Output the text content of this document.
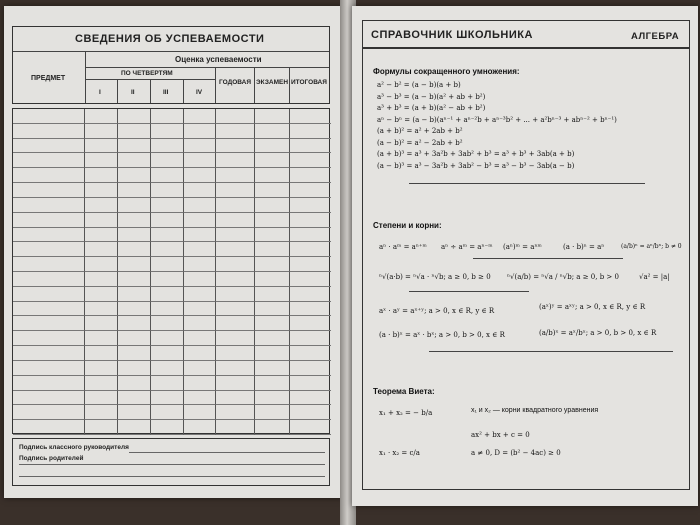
СВЕДЕНИЯ ОБ УСПЕВАЕМОСТИ
ПРЕДМЕТ
Оценка успеваемости
ПО ЧЕТВЕРТЯМ
I	II	III	IV
ГОДОВАЯ ЭКЗАМЕН ИТОГОВАЯ
Подпись классного руководителя
Подпись родителей
СПРАВОЧНИК ШКОЛЬНИКА	АЛГЕБРА
Формулы сокращенного умножения:
Степени и корни:
aⁿ · aᵐ = aⁿ⁺ᵐ aⁿ ÷ aᵐ = aⁿ⁻ᵐ (aⁿ)ᵐ = aⁿᵐ	(a · b)ⁿ = aⁿ	(a/b)ⁿ = aⁿ/bⁿ; b ≠ 0
ⁿ√(a·b) = ⁿ√a · ⁿ√b; a ≥ 0, b ≥ 0 ⁿ√(a/b) = ⁿ√a / ⁿ√b; a ≥ 0, b > 0	√a² = |a|
aˣ · aʸ = aˣ⁺ʸ; a > 0, x ∈ R, y ∈ R	(aˣ)ʸ = aˣʸ; a > 0, x ∈ R, y ∈ R
(a · b)ˣ = aˣ · bˣ; a > 0, b > 0, x ∈ R	(a/b)ˣ = aˣ/bˣ; a > 0, b > 0, x ∈ R
Теорема Виета:
x₁ + x₂ = − b/a	x₁ и x₂ — корни квадратного уравнения
ax² + bx + c = 0
x₁ · x₂ = c/a	a ≠ 0, D = (b² − 4ac) ≥ 0
a² − b² = (a − b)(a + b)
a³ − b³ = (a − b)(a² + ab + b²)
a³ + b³ = (a + b)(a² − ab + b²)
aⁿ − bⁿ = (a − b)(aⁿ⁻¹ + aⁿ⁻²b + aⁿ⁻³b² + ... + a²bⁿ⁻³ + abⁿ⁻² + bⁿ⁻¹)
(a + b)² = a² + 2ab + b²
(a − b)² = a² − 2ab + b²
(a + b)³ = a³ + 3a²b + 3ab² + b³ = a³ + b³ + 3ab(a + b)
(a − b)³ = a³ − 3a²b + 3ab² − b³ = a³ − b³ − 3ab(a − b)
